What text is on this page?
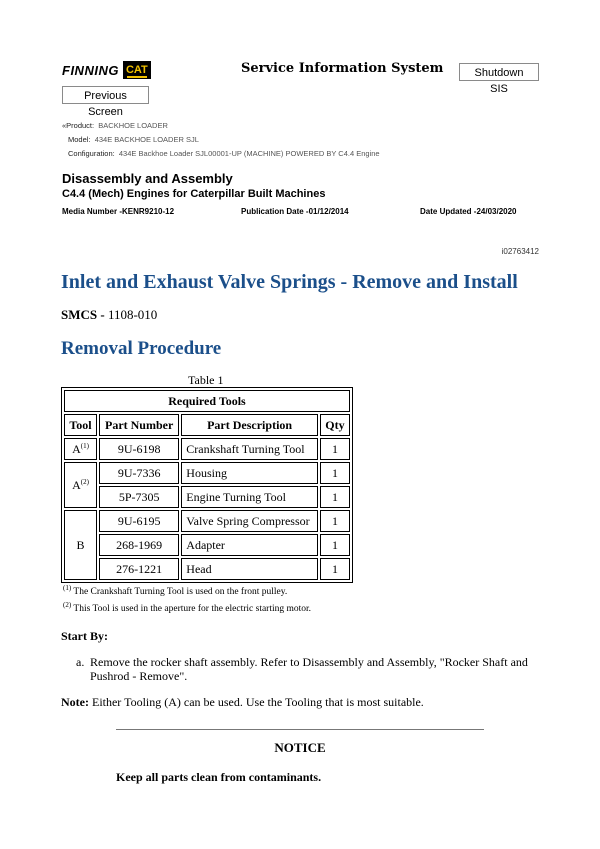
FINNING CAT	Service Information System	Shutdown SIS
Previous Screen
«Product: BACKHOE LOADER
Model: 434E BACKHOE LOADER SJL
Configuration: 434E Backhoe Loader SJL00001-UP (MACHINE) POWERED BY C4.4 Engine
Disassembly and Assembly
C4.4 (Mech) Engines for Caterpillar Built Machines
Media Number -KENR9210-12	Publication Date -01/12/2014	Date Updated -24/03/2020
i02763412
Inlet and Exhaust Valve Springs - Remove and Install
SMCS - 1108-010
Removal Procedure
Table 1
Required Tools			
Tool	Part Number	Part Description	Qty
$A^{(1)}$	9U-6198	Crankshaft Turning Tool	1
$A^{(2)}$	9U-7336	Housing	1
	5P-7305	Engine Turning Tool	1
B	9U-6195	Valve Spring Compressor	1
	268-1969	Adapter	1
	276-1221	Head	1
$^{(1)}$ The Crankshaft Turning Tool is used on the front pulley.
$^{(2)}$ This Tool is used in the aperture for the electric starting motor.
Start By:
a. Remove the rocker shaft assembly. Refer to Disassembly and Assembly, "Rocker Shaft and Pushrod - Remove".
Note: Either Tooling (A) can be used. Use the Tooling that is most suitable.
NOTICE
Keep all parts clean from contaminants.
